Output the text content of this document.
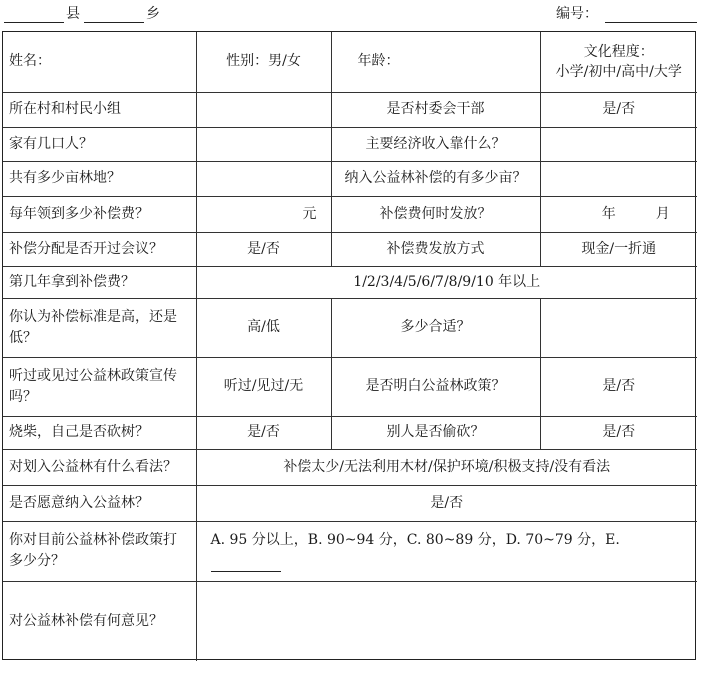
县	乡	编号：
姓名：	性别：男/女	年龄：	文化程度：
小学/初中/高中/大学

所在村和村民小组		是否村委会干部	是/否
家有几口人？		主要经济收入靠什么？	
共有多少亩林地？		纳入公益林补偿的有多少亩？	
每年领到多少补偿费？	元	补偿费何时发放？	年 月
补偿分配是否开过会议？	是/否	补偿费发放方式	现金/一折通
第几年拿到补偿费？	1/2/3/4/5/6/7/8/9/10 年以上		
你认为补偿标准是高，还是低？	高/低	多少合适？	
听过或见过公益林政策宣传吗？	听过/见过/无	是否明白公益林政策？	是/否
烧柴，自己是否砍树？	是/否	别人是否偷砍？	是/否
对划入公益林有什么看法？	补偿太少/无法利用木材/保护环境/积极支持/没有看法		
是否愿意纳入公益林？	是/否		
你对目前公益林补偿政策打多少分？	A. 95 分以上，B. 90~94 分，C. 80~89 分，D. 70~79 分，E.		
对公益林补偿有何意见？			
